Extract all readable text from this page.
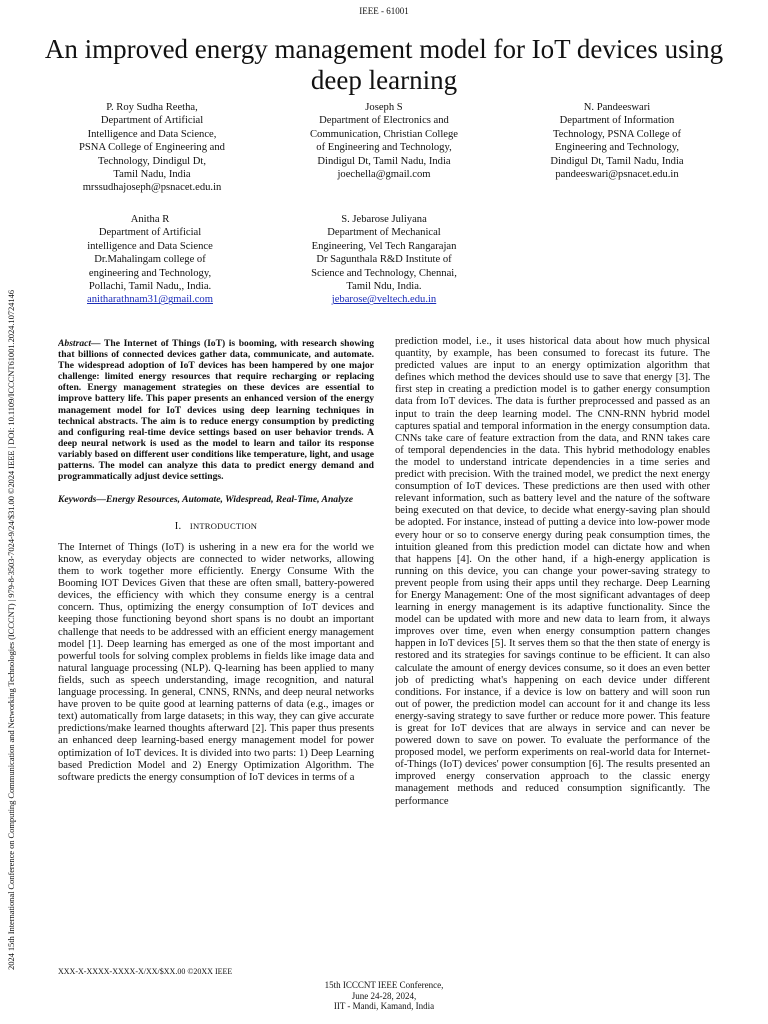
IEEE - 61001
An improved energy management model for IoT devices using deep learning
2024 15th International Conference on Computing Communication and Networking Technologies (ICCCNT) | 979-8-3503-7024-9/24/$31.00 ©2024 IEEE | DOI: 10.1109/ICCCNT61001.2024.10724146
P. Roy Sudha Reetha,
Department of Artificial
Intelligence and Data Science,
PSNA College of Engineering and
Technology, Dindigul Dt,
Tamil Nadu, India
mrssudhajoseph@psnacet.edu.in
Joseph S
Department of Electronics and
Communication, Christian College
of Engineering and Technology,
Dindigul Dt, Tamil Nadu, India
joechella@gmail.com
N. Pandeeswari
Department of Information
Technology, PSNA College of
Engineering and Technology,
Dindigul Dt, Tamil Nadu, India
pandeeswari@psnacet.edu.in
Anitha R
Department of Artificial
intelligence and Data Science
Dr.Mahalingam college of
engineering and Technology,
Pollachi, Tamil Nadu,, India.
anitharathnam31@gmail.com
S. Jebarose Juliyana
Department of Mechanical
Engineering, Vel Tech Rangarajan
Dr Sagunthala R&D Institute of
Science and Technology, Chennai,
Tamil Ndu, India.
jebarose@veltech.edu.in
Abstract— The Internet of Things (IoT) is booming, with research showing that billions of connected devices gather data, communicate, and automate. The widespread adoption of IoT devices has been hampered by one major challenge: limited energy resources that require recharging or replacing often. Energy management strategies on these devices are essential to improve battery life. This paper presents an enhanced version of the energy management model for IoT devices using deep learning techniques in technical abstracts. The aim is to reduce energy consumption by predicting and configuring real-time device settings based on user behavior trends. A deep neural network is used as the model to learn and tailor its response variably based on different user conditions like temperature, light, and usage patterns. The model can analyze this data to predict energy demand and programmatically adjust device settings.
Keywords—Energy Resources, Automate, Widespread, Real-Time, Analyze
I. INTRODUCTION
The Internet of Things (IoT) is ushering in a new era for the world we know, as everyday objects are connected to wider networks, allowing them to work together more efficiently. Energy Consume With the Booming IOT Devices Given that these are often small, battery-powered devices, the efficiency with which they consume energy is a central concern. Thus, optimizing the energy consumption of IoT devices and keeping those functioning beyond short spans is no doubt an important challenge that needs to be addressed with an efficient energy management model [1]. Deep learning has emerged as one of the most important and powerful tools for solving complex problems in fields like image data and natural language processing (NLP). Q-learning has been applied to many fields, such as speech understanding, image recognition, and natural language processing. In general, CNNS, RNNs, and deep neural networks have proven to be quite good at learning patterns of data (e.g., images or text) automatically from large datasets; in this way, they can give accurate predictions/make learned thoughts afterward [2]. This paper thus presents an enhanced deep learning-based energy management model for power optimization of IoT devices. It is divided into two parts: 1) Deep Learning based Prediction Model and 2) Energy Optimization Algorithm. The software predicts the energy consumption of IoT devices in terms of a
prediction model, i.e., it uses historical data about how much physical quantity, by example, has been consumed to forecast its future. The predicted values are input to an energy optimization algorithm that defines which method the devices should use to save that energy [3]. The first step in creating a prediction model is to gather energy consumption data from IoT devices. The data is further preprocessed and passed as an input to train the deep learning model. The CNN-RNN hybrid model captures spatial and temporal information in the energy consumption data. CNNs take care of feature extraction from the data, and RNN takes care of temporal dependencies in the data. This hybrid methodology enables the model to understand intricate dependencies in a time series and predict with precision. With the trained model, we predict the next energy consumption of IoT devices. These predictions are then used with other relevant information, such as battery level and the nature of the software being executed on that device, to decide what energy-saving plan should be adopted. For instance, instead of putting a device into low-power mode every hour or so to conserve energy during peak consumption times, the intuition gleaned from this prediction model can dictate how and when that happens [4]. On the other hand, if a high-energy application is running on this device, you can change your power-saving strategy to prevent people from using their apps until they recharge. Deep Learning for Energy Management: One of the most significant advantages of deep learning in energy management is its adaptive functionality. Since the model can be updated with more and new data to learn from, it always improves over time, even when energy consumption pattern changes happen in IoT devices [5]. It serves them so that the then state of energy is restored and its strategies for savings continue to be efficient. It can also calculate the amount of energy devices consume, so it does an even better job of predicting what's happening on each device under different conditions. For instance, if a device is low on battery and will soon run out of power, the prediction model can account for it and change its less energy-saving strategy to save further or reduce more power. This feature is great for IoT devices that are always in service and can never be powered down to save on power. To evaluate the performance of the proposed model, we perform experiments on real-world data for Internet-of-Things (IoT) devices' power consumption [6]. The results presented an improved energy conservation approach to the classic energy management methods and reduced consumption significantly. The performance
XXX-X-XXXX-XXXX-X/XX/$XX.00 ©20XX IEEE
15th ICCCNT IEEE Conference,
June 24-28, 2024,
IIT - Mandi, Kamand, India
